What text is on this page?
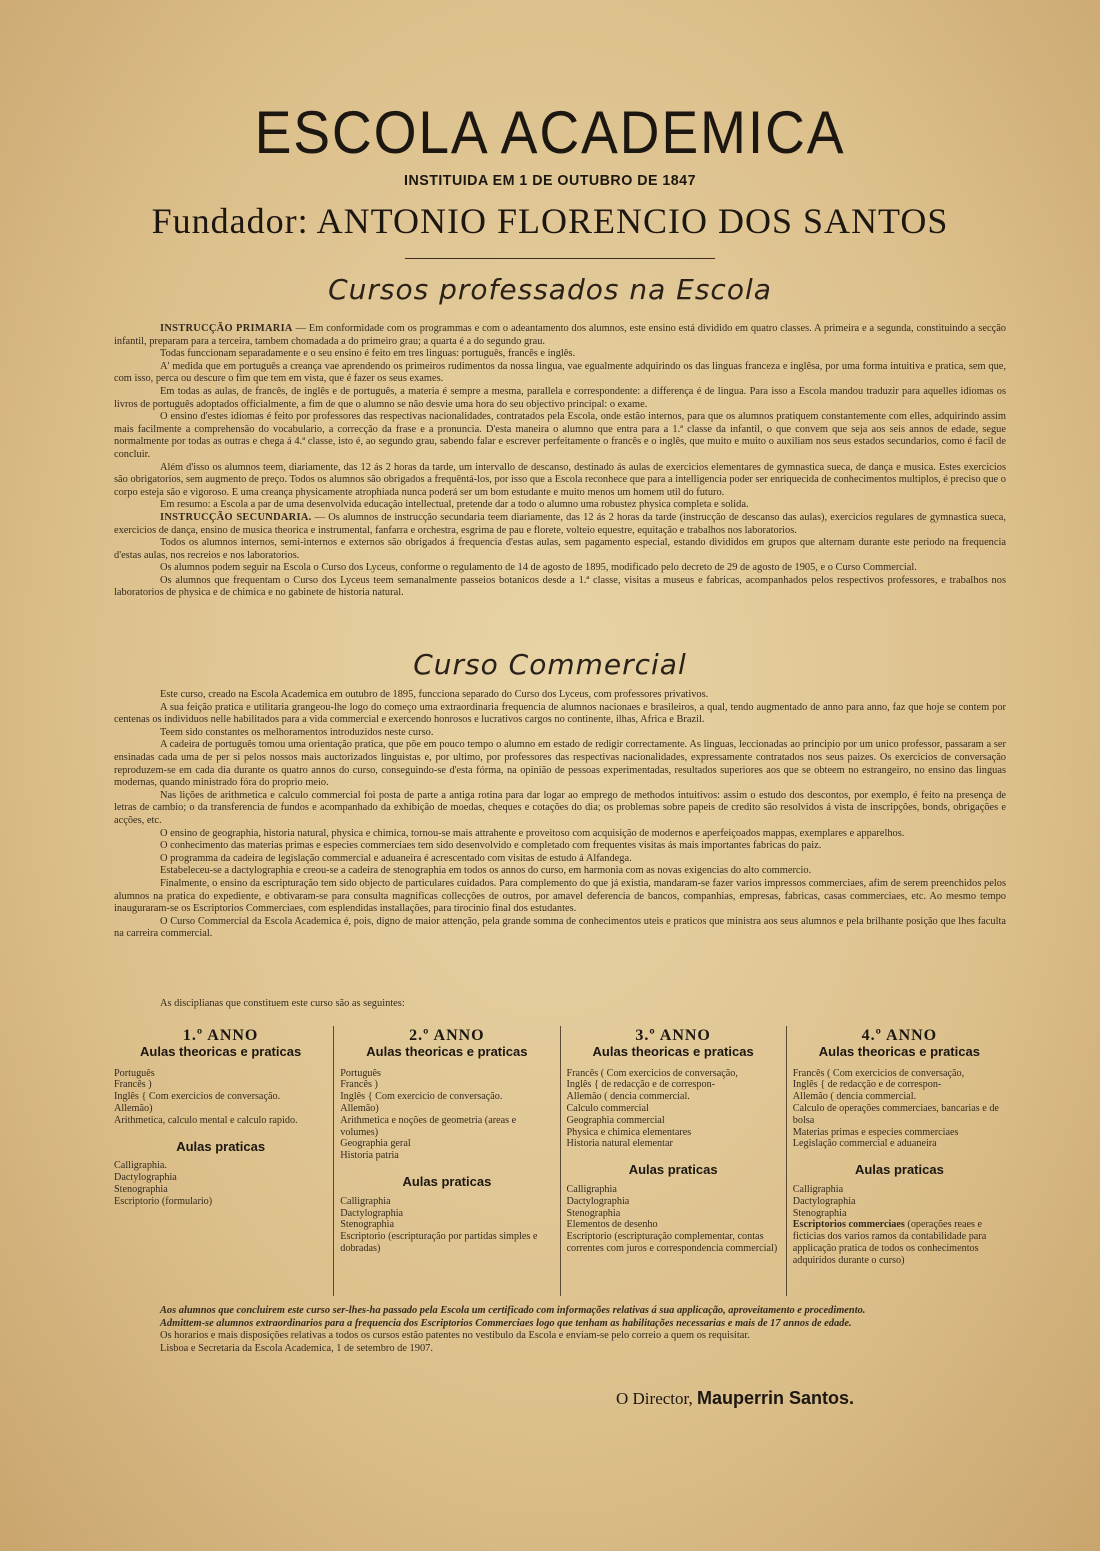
ESCOLA ACADEMICA
INSTITUIDA EM 1 DE OUTUBRO DE 1847
Fundador: ANTONIO FLORENCIO DOS SANTOS
Cursos professados na Escola

INSTRUCÇÃO PRIMARIA — Em conformidade com os programmas e com o adeantamento dos alumnos, este ensino está dividido em quatro classes. A primeira e a segunda, constituindo a secção infantil, preparam para a terceira, tambem chomadada a do primeiro grau; a quarta é a do segundo grau.

Todas funccionam separadamente e o seu ensino é feito em tres linguas: português, francês e inglês.

A' medida que em português a creança vae aprendendo os primeiros rudimentos da nossa lingua, vae egualmente adquirindo os das linguas franceza e inglêsa, por uma forma intuitiva e pratica, sem que, com isso, perca ou descure o fim que tem em vista, que é fazer os seus exames.

Em todas as aulas, de francês, de inglês e de português, a materia é sempre a mesma, parallela e correspondente: a differença é de lingua. Para isso a Escola mandou traduzir para aquelles idiomas os livros de português adoptados officialmente, a fim de que o alumno se não desvie uma hora do seu objectivo principal: o exame.

O ensino d'estes idiomas é feito por professores das respectivas nacionalidades, contratados pela Escola, onde estão internos, para que os alumnos pratiquem constantemente com elles, adquirindo assim mais facilmente a comprehensão do vocabulario, a correcção da frase e a pronuncia. D'esta maneira o alumno que entra para a 1.ª classe da infantil, o que convem que seja aos seis annos de edade, segue normalmente por todas as outras e chega á 4.ª classe, isto é, ao segundo grau, sabendo falar e escrever perfeitamente o francês e o inglês, que muito e muito o auxiliam nos seus estados secundarios, como é facil de concluir.

Além d'isso os alumnos teem, diariamente, das 12 ás 2 horas da tarde, um intervallo de descanso, destinado ás aulas de exercicios elementares de gymnastica sueca, de dança e musica. Estes exercicios são obrigatorios, sem augmento de preço. Todos os alumnos são obrigados a frequêntá-los, por isso que a Escola reconhece que para a intelligencia poder ser enriquecida de conhecimentos multiplos, é preciso que o corpo esteja são e vigoroso. E uma creança physicamente atrophiada nunca poderá ser um bom estudante e muito menos um homem util do futuro.

Em resumo: a Escola a par de uma desenvolvida educação intellectual, pretende dar a todo o alumno uma robustez physica completa e solida.

INSTRUCÇÃO SECUNDARIA. — Os alumnos de instrucção secundaria teem diariamente, das 12 ás 2 horas da tarde (instrucção de descanso das aulas), exercicios regulares de gymnastica sueca, exercicios de dança, ensino de musica theorica e instrumental, fanfarra e orchestra, esgrima de pau e florete, volteio equestre, equitação e trabalhos nos laboratorios.

Todos os alumnos internos, semi-internos e externos são obrigados á frequencia d'estas aulas, sem pagamento especial, estando divididos em grupos que alternam durante este periodo na frequencia d'estas aulas, nos recreios e nos laboratorios.

Os alumnos podem seguir na Escola o Curso dos Lyceus, conforme o regulamento de 14 de agosto de 1895, modificado pelo decreto de 29 de agosto de 1905, e o Curso Commercial.

Os alumnos que frequentam o Curso dos Lyceus teem semanalmente passeios botanicos desde a 1.ª classe, visitas a museus e fabricas, acompanhados pelos respectivos professores, e trabalhos nos laboratorios de physica e de chimica e no gabinete de historia natural.

Curso Commercial

Este curso, creado na Escola Academica em outubro de 1895, funcciona separado do Curso dos Lyceus, com professores privativos.

A sua feição pratica e utilitaria grangeou-lhe logo do começo uma extraordinaria frequencia de alumnos nacionaes e brasileiros, a qual, tendo augmentado de anno para anno, faz que hoje se contem por centenas os individuos nelle habilitados para a vida commercial e exercendo honrosos e lucrativos cargos no continente, ilhas, Africa e Brazil.

Teem sido constantes os melhoramentos introduzidos neste curso.

A cadeira de português tomou uma orientação pratica, que põe em pouco tempo o alumno em estado de redigir correctamente. As linguas, leccionadas ao principio por um unico professor, passaram a ser ensinadas cada uma de per si pelos nossos mais auctorizados linguistas e, por ultimo, por professores das respectivas nacionalidades, expressamente contratados nos seus paizes. Os exercicios de conversação reproduzem-se em cada dia durante os quatro annos do curso, conseguindo-se d'esta fórma, na opinião de pessoas experimentadas, resultados superiores aos que se obteem no estrangeiro, no ensino das linguas modernas, quando ministrado fóra do proprio meio.

Nas lições de arithmetica e calculo commercial foi posta de parte a antiga rotina para dar logar ao emprego de methodos intuitivos: assim o estudo dos descontos, por exemplo, é feito na presença de letras de cambio; o da transferencia de fundos e acompanhado da exhibição de moedas, cheques e cotações do dia; os problemas sobre papeis de credito são resolvidos á vista de inscripções, bonds, obrigações e acções, etc.

O ensino de geographia, historia natural, physica e chimica, tornou-se mais attrahente e proveitoso com acquisição de modernos e aperfeiçoados mappas, exemplares e apparelhos.

O conhecimento das materias primas e especies commerciaes tem sido desenvolvido e completado com frequentes visitas ás mais importantes fabricas do paiz.

O programma da cadeira de legislação commercial e aduaneira é acrescentado com visitas de estudo á Alfandega.

Estabeleceu-se a dactylographia e creou-se a cadeira de stenographia em todos os annos do curso, em harmonia com as novas exigencias do alto commercio.

Finalmente, o ensino da escripturação tem sido objecto de particulares cuidados. Para complemento do que já existia, mandaram-se fazer varios impressos commerciaes, afim de serem preenchidos pelos alumnos na pratica do expediente, e obtivaram-se para consulta magnificas collecções de outros, por amavel deferencia de bancos, companhias, empresas, fabricas, casas commerciaes, etc. Ao mesmo tempo inauguraram-se os Escriptorios Commerciaes, com esplendidas installações, para tirocinio final dos estudantes.

O Curso Commercial da Escola Academica é, pois, digno de maior attenção, pela grande somma de conhecimentos uteis e praticos que ministra aos seus alumnos e pela brilhante posição que lhes faculta na carreira commercial.

As disciplianas que constituem este curso são as seguintes:
1.º ANNO
Aulas theoricas e praticas
Português
Francês )
Inglês { Com exercicios de conversação.
Allemão)
Arithmetica, calculo mental e calculo rapido.
Aulas praticas
Calligraphia.
Dactylographia
Stenographia
Escriptorio (formulario)
2.º ANNO
Aulas theoricas e praticas
Português
Francês )
Inglês { Com exercicio de conversação.
Allemão)
Arithmetica e noções de geometria (areas e volumes)
Geographia geral
Historia patria
Aulas praticas
Calligraphia
Dactylographia
Stenographia
Escriptorio (escripturação por partidas simples e dobradas)
3.º ANNO
Aulas theoricas e praticas
Francês ( Com exercicios de conversação,
Inglês { de redacção e de correspon-
Allemão ( dencia commercial.
Calculo commercial
Geographia commercial
Physica e chimica elementares
Historia natural elementar
Aulas praticas
Calligraphia
Dactylographia
Stenographia
Elementos de desenho
Escriptorio (escripturação complementar, contas correntes com juros e correspondencia commercial)
4.º ANNO
Aulas theoricas e praticas
Francês ( Com exercicios de conversação,
Inglês { de redacção e de correspon-
Allemão ( dencia commercial.
Calculo de operações commerciaes, bancarias e de bolsa
Materias primas e especies commerciaes
Legislação commercial e aduaneira
Aulas praticas
Calligraphia
Dactylographia
Stenographia
Escriptorios commerciaes (operações reaes e ficticias dos varios ramos da contabilidade para applicação pratica de todos os conhecimentos adquiridos durante o curso)

Aos alumnos que concluirem este curso ser-lhes-ha passado pela Escola um certificado com informações relativas á sua applicação, aproveitamento e procedimento.

Admittem-se alumnos extraordinarios para a frequencia dos Escriptorios Commerciaes logo que tenham as habilitações necessarias e mais de 17 annos de edade.

Os horarios e mais disposições relativas a todos os cursos estão patentes no vestibulo da Escola e enviam-se pelo correio a quem os requisitar.

Lisboa e Secretaria da Escola Academica, 1 de setembro de 1907.

O Director, Mauperrin Santos.
